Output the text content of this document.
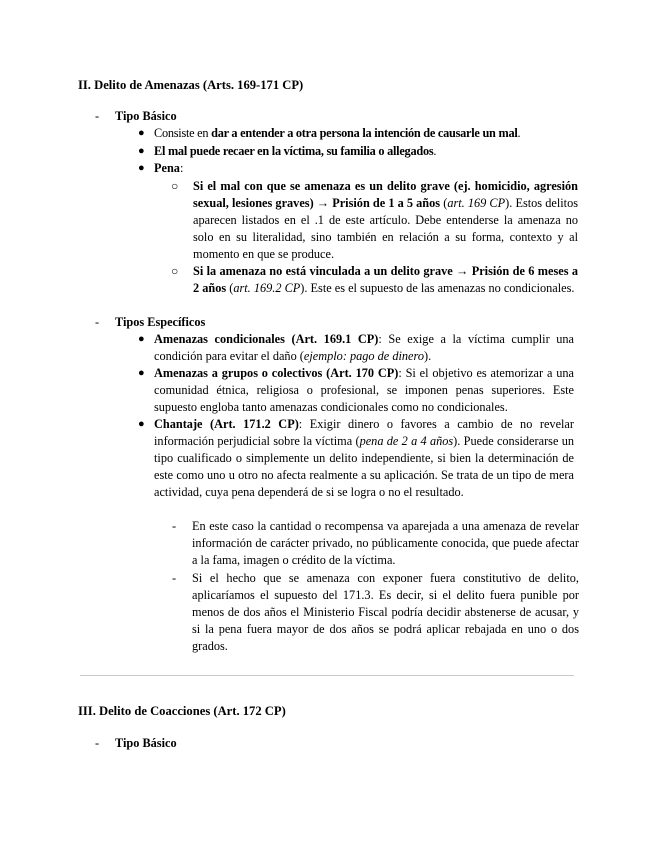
II. Delito de Amenazas (Arts. 169-171 CP)
- Tipo Básico
● Consiste en dar a entender a otra persona la intención de causarle un mal.
● El mal puede recaer en la víctima, su familia o allegados.
● Pena:
○ Si el mal con que se amenaza es un delito grave (ej. homicidio, agresión sexual, lesiones graves) → Prisión de 1 a 5 años (art. 169 CP). Estos delitos aparecen listados en el .1 de este artículo. Debe entenderse la amenaza no solo en su literalidad, sino también en relación a su forma, contexto y al momento en que se produce.
○ Si la amenaza no está vinculada a un delito grave → Prisión de 6 meses a 2 años (art. 169.2 CP). Este es el supuesto de las amenazas no condicionales.
- Tipos Específicos
● Amenazas condicionales (Art. 169.1 CP): Se exige a la víctima cumplir una condición para evitar el daño (ejemplo: pago de dinero).
● Amenazas a grupos o colectivos (Art. 170 CP): Si el objetivo es atemorizar a una comunidad étnica, religiosa o profesional, se imponen penas superiores. Este supuesto engloba tanto amenazas condicionales como no condicionales.
● Chantaje (Art. 171.2 CP): Exigir dinero o favores a cambio de no revelar información perjudicial sobre la víctima (pena de 2 a 4 años). Puede considerarse un tipo cualificado o simplemente un delito independiente, si bien la determinación de este como uno u otro no afecta realmente a su aplicación. Se trata de un tipo de mera actividad, cuya pena dependerá de si se logra o no el resultado.
- En este caso la cantidad o recompensa va aparejada a una amenaza de revelar información de carácter privado, no públicamente conocida, que puede afectar a la fama, imagen o crédito de la víctima.
- Si el hecho que se amenaza con exponer fuera constitutivo de delito, aplicaríamos el supuesto del 171.3. Es decir, si el delito fuera punible por menos de dos años el Ministerio Fiscal podría decidir abstenerse de acusar, y si la pena fuera mayor de dos años se podrá aplicar rebajada en uno o dos grados.
III. Delito de Coacciones (Art. 172 CP)
- Tipo Básico
